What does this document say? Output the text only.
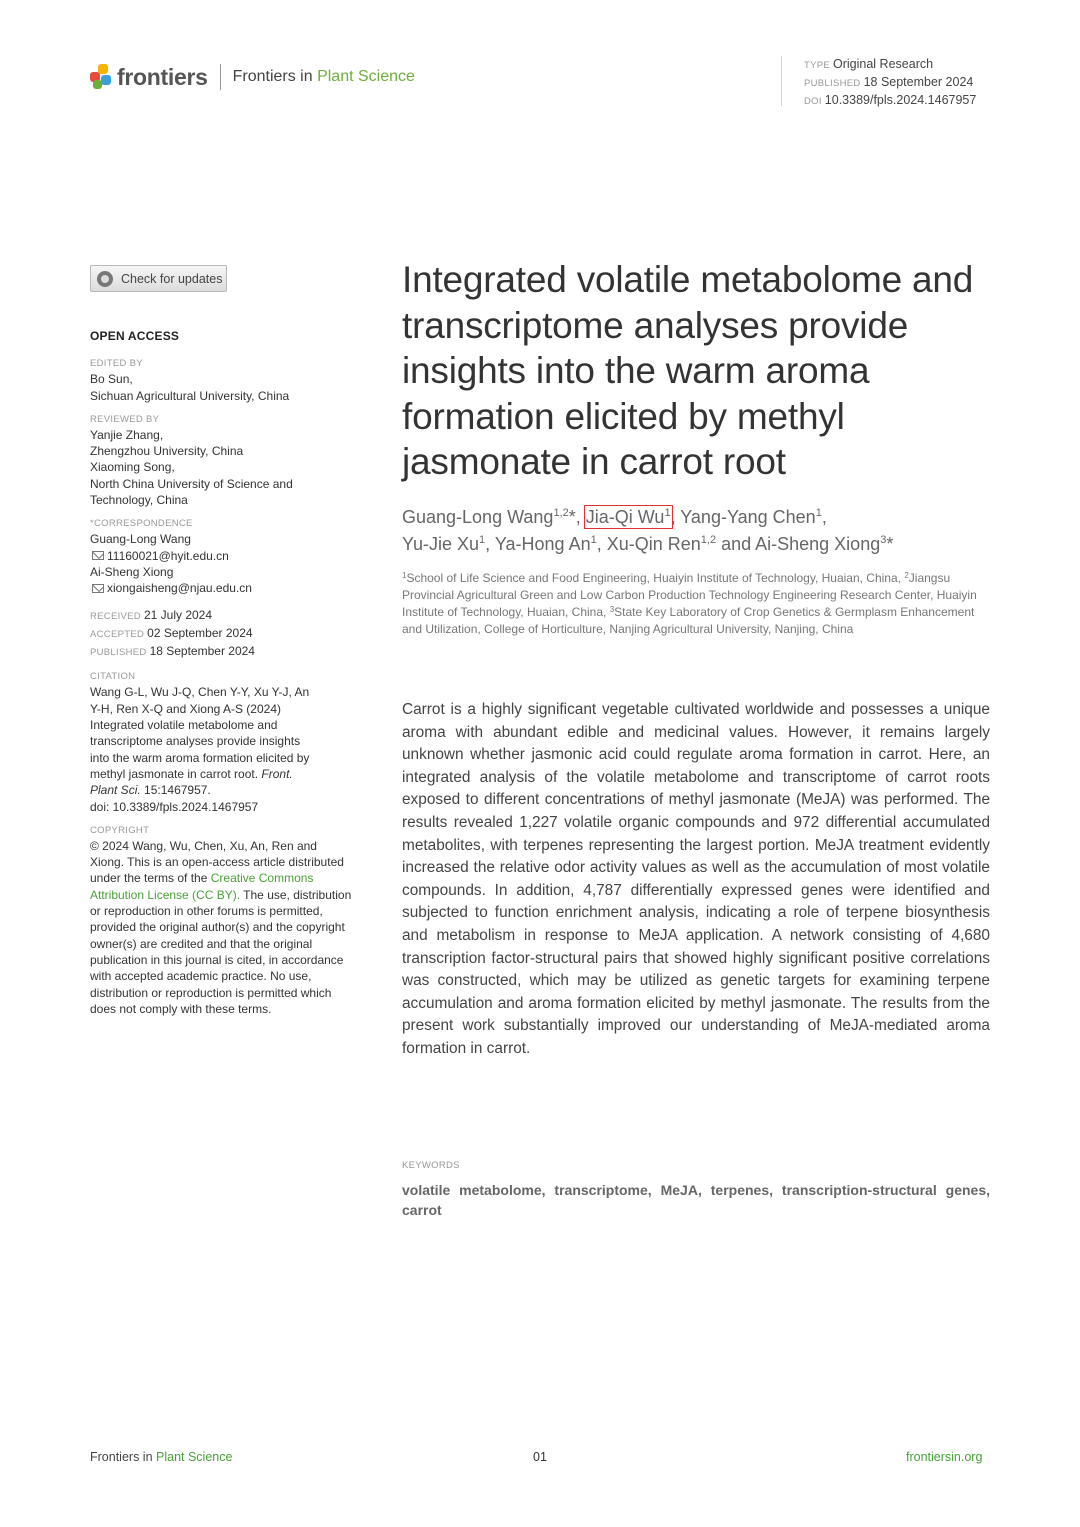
frontiers Frontiers in Plant Science
TYPE Original Research
PUBLISHED 18 September 2024
DOI 10.3389/fpls.2024.1467957
Check for updates
OPEN ACCESS
EDITED BY
Bo Sun,
Sichuan Agricultural University, China
REVIEWED BY
Yanjie Zhang,
Zhengzhou University, China
Xiaoming Song,
North China University of Science and Technology, China
*CORRESPONDENCE
Guang-Long Wang
11160021@hyit.edu.cn
Ai-Sheng Xiong
xiongaisheng@njau.edu.cn
RECEIVED 21 July 2024
ACCEPTED 02 September 2024
PUBLISHED 18 September 2024
CITATION
Wang G-L, Wu J-Q, Chen Y-Y, Xu Y-J, An Y-H, Ren X-Q and Xiong A-S (2024) Integrated volatile metabolome and transcriptome analyses provide insights into the warm aroma formation elicited by methyl jasmonate in carrot root. Front. Plant Sci. 15:1467957.
doi: 10.3389/fpls.2024.1467957
COPYRIGHT
© 2024 Wang, Wu, Chen, Xu, An, Ren and Xiong. This is an open-access article distributed under the terms of the Creative Commons Attribution License (CC BY). The use, distribution or reproduction in other forums is permitted, provided the original author(s) and the copyright owner(s) are credited and that the original publication in this journal is cited, in accordance with accepted academic practice. No use, distribution or reproduction is permitted which does not comply with these terms.
Integrated volatile metabolome and transcriptome analyses provide insights into the warm aroma formation elicited by methyl jasmonate in carrot root
Guang-Long Wang$^{1,2}$*, Jia-Qi Wu$^1$, Yang-Yang Chen$^1$,
Yu-Jie Xu$^1$, Ya-Hong An$^1$, Xu-Qin Ren$^{1,2}$ and Ai-Sheng Xiong$^3$*
$^1$School of Life Science and Food Engineering, Huaiyin Institute of Technology, Huaian, China, $^2$Jiangsu Provincial Agricultural Green and Low Carbon Production Technology Engineering Research Center, Huaiyin Institute of Technology, Huaian, China, $^3$State Key Laboratory of Crop Genetics & Germplasm Enhancement and Utilization, College of Horticulture, Nanjing Agricultural University, Nanjing, China
Carrot is a highly significant vegetable cultivated worldwide and possesses a unique aroma with abundant edible and medicinal values. However, it remains largely unknown whether jasmonic acid could regulate aroma formation in carrot. Here, an integrated analysis of the volatile metabolome and transcriptome of carrot roots exposed to different concentrations of methyl jasmonate (MeJA) was performed. The results revealed 1,227 volatile organic compounds and 972 differential accumulated metabolites, with terpenes representing the largest portion. MeJA treatment evidently increased the relative odor activity values as well as the accumulation of most volatile compounds. In addition, 4,787 differentially expressed genes were identified and subjected to function enrichment analysis, indicating a role of terpene biosynthesis and metabolism in response to MeJA application. A network consisting of 4,680 transcription factor-structural pairs that showed highly significant positive correlations was constructed, which may be utilized as genetic targets for examining terpene accumulation and aroma formation elicited by methyl jasmonate. The results from the present work substantially improved our understanding of MeJA-mediated aroma formation in carrot.
KEYWORDS
volatile metabolome, transcriptome, MeJA, terpenes, transcription-structural genes, carrot
Frontiers in Plant Science	01	frontiersin.org
